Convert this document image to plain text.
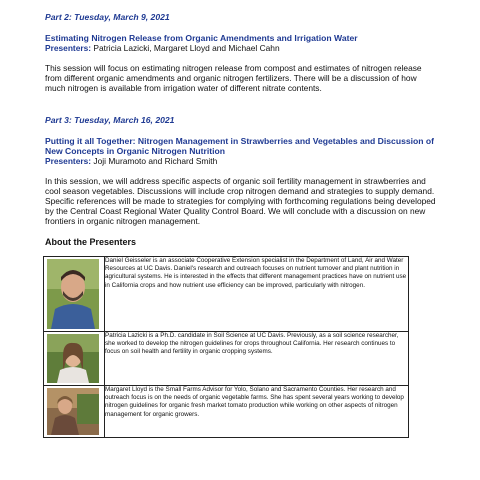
Part 2: Tuesday, March 9, 2021

Estimating Nitrogen Release from Organic Amendments and Irrigation Water

Presenters: Patricia Lazicki, Margaret Lloyd and Michael Cahn

This session will focus on estimating nitrogen release from compost and estimates of nitrogen release from different organic amendments and organic nitrogen fertilizers. There will be a discussion of how much nitrogen is available from irrigation water of different nitrate contents.

Part 3: Tuesday, March 16, 2021

Putting it all Together: Nitrogen Management in Strawberries and Vegetables and Discussion of New Concepts in Organic Nitrogen Nutrition

Presenters: Joji Muramoto and Richard Smith

In this session, we will address specific aspects of organic soil fertility management in strawberries and cool season vegetables. Discussions will include crop nitrogen demand and strategies to supply demand. Specific references will be made to strategies for complying with forthcoming regulations being developed by the Central Coast Regional Water Quality Control Board. We will conclude with a discussion on new frontiers in organic nitrogen management.

About the Presenters

	Daniel Geisseler is an associate Cooperative Extension specialist in the Department of Land, Air and Water Resources at UC Davis. Daniel's research and outreach focuses on nutrient turnover and plant nutrition in agricultural systems. He is interested in the effects that different management practices have on nutrient use in California crops and how nutrient use efficiency can be improved, particularly with nitrogen.

	Patricia Lazicki is a Ph.D. candidate in Soil Science at UC Davis. Previously, as a soil science researcher, she worked to develop the nitrogen guidelines for crops throughout California. Her research continues to focus on soil health and fertility in organic cropping systems.

	Margaret Lloyd is the Small Farms Advisor for Yolo, Solano and Sacramento Counties. Her research and outreach focus is on the needs of organic vegetable farms. She has spent several years working to develop nitrogen guidelines for organic fresh market tomato production while working on other aspects of nitrogen management for organic growers.
